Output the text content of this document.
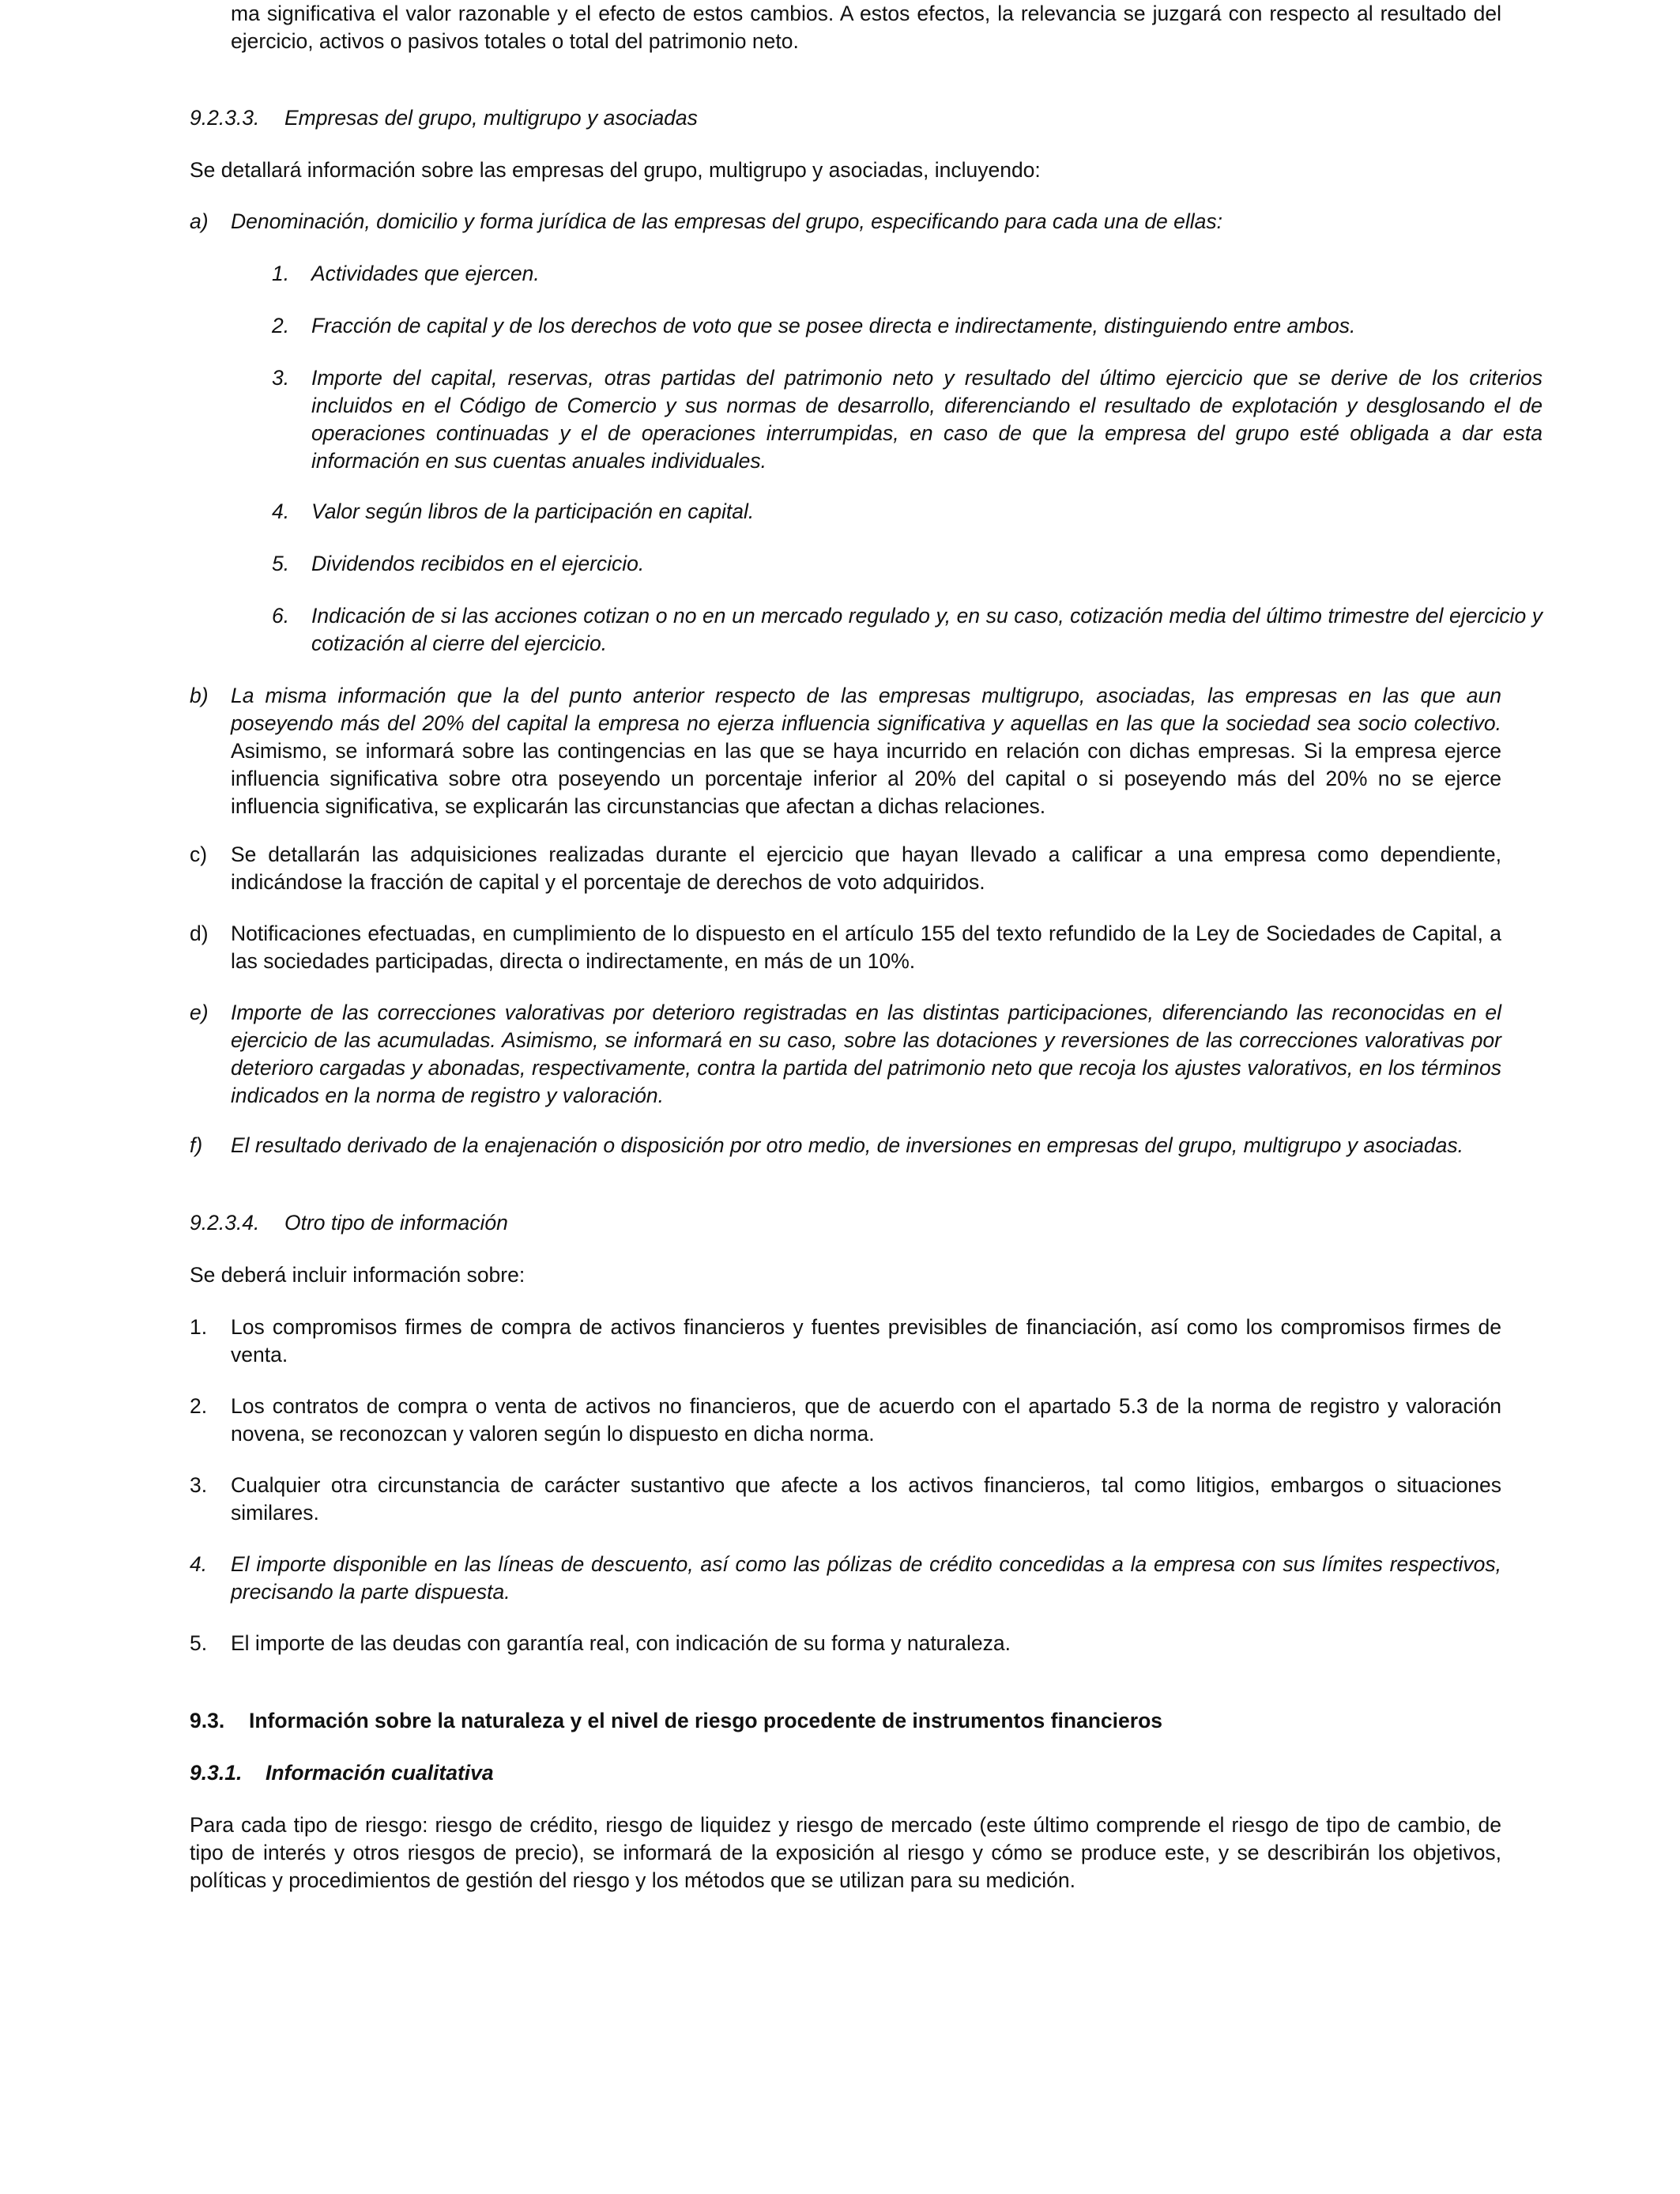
ma significativa el valor razonable y el efecto de estos cambios. A estos efectos, la relevancia se juzgará con respecto al resultado del ejercicio, activos o pasivos totales o total del patrimonio neto.

9.2.3.3. Empresas del grupo, multigrupo y asociadas

Se detallará información sobre las empresas del grupo, multigrupo y asociadas, incluyendo:

a)	Denominación, domicilio y forma jurídica de las empresas del grupo, especificando para cada una de ellas:
1.	Actividades que ejercen.
2.	Fracción de capital y de los derechos de voto que se posee directa e indirectamente, distinguiendo entre ambos.
3.	Importe del capital, reservas, otras partidas del patrimonio neto y resultado del último ejercicio que se derive de los criterios incluidos en el Código de Comercio y sus normas de desarrollo, diferenciando el resultado de explotación y desglosando el de operaciones continuadas y el de operaciones interrumpidas, en caso de que la empresa del grupo esté obligada a dar esta información en sus cuentas anuales individuales.
4.	Valor según libros de la participación en capital.
5.	Dividendos recibidos en el ejercicio.
6.	Indicación de si las acciones cotizan o no en un mercado regulado y, en su caso, cotización media del último trimestre del ejercicio y cotización al cierre del ejercicio.
b)	La misma información que la del punto anterior respecto de las empresas multigrupo, asociadas, las empresas en las que aun poseyendo más del 20% del capital la empresa no ejerza influencia significativa y aquellas en las que la sociedad sea socio colectivo. Asimismo, se informará sobre las contingencias en las que se haya incurrido en relación con dichas empresas. Si la empresa ejerce influencia significativa sobre otra poseyendo un porcentaje inferior al 20% del capital o si poseyendo más del 20% no se ejerce influencia significativa, se explicarán las circunstancias que afectan a dichas relaciones.
c)	Se detallarán las adquisiciones realizadas durante el ejercicio que hayan llevado a calificar a una empresa como dependiente, indicándose la fracción de capital y el porcentaje de derechos de voto adquiridos.
d)	Notificaciones efectuadas, en cumplimiento de lo dispuesto en el artículo 155 del texto refundido de la Ley de Sociedades de Capital, a las sociedades participadas, directa o indirectamente, en más de un 10%.
e)	Importe de las correcciones valorativas por deterioro registradas en las distintas participaciones, diferenciando las reconocidas en el ejercicio de las acumuladas. Asimismo, se informará en su caso, sobre las dotaciones y reversiones de las correcciones valorativas por deterioro cargadas y abonadas, respectivamente, contra la partida del patrimonio neto que recoja los ajustes valorativos, en los términos indicados en la norma de registro y valoración.
f)	El resultado derivado de la enajenación o disposición por otro medio, de inversiones en empresas del grupo, multigrupo y asociadas.

9.2.3.4. Otro tipo de información

Se deberá incluir información sobre:

1.	Los compromisos firmes de compra de activos financieros y fuentes previsibles de financiación, así como los compromisos firmes de venta.
2.	Los contratos de compra o venta de activos no financieros, que de acuerdo con el apartado 5.3 de la norma de registro y valoración novena, se reconozcan y valoren según lo dispuesto en dicha norma.
3.	Cualquier otra circunstancia de carácter sustantivo que afecte a los activos financieros, tal como litigios, embargos o situaciones similares.
4.	El importe disponible en las líneas de descuento, así como las pólizas de crédito concedidas a la empresa con sus límites respectivos, precisando la parte dispuesta.
5.	El importe de las deudas con garantía real, con indicación de su forma y naturaleza.

9.3. Información sobre la naturaleza y el nivel de riesgo procedente de instrumentos financieros

9.3.1. Información cualitativa

Para cada tipo de riesgo: riesgo de crédito, riesgo de liquidez y riesgo de mercado (este último comprende el riesgo de tipo de cambio, de tipo de interés y otros riesgos de precio), se informará de la exposición al riesgo y cómo se produce este, y se describirán los objetivos, políticas y procedimientos de gestión del riesgo y los métodos que se utilizan para su medición.
